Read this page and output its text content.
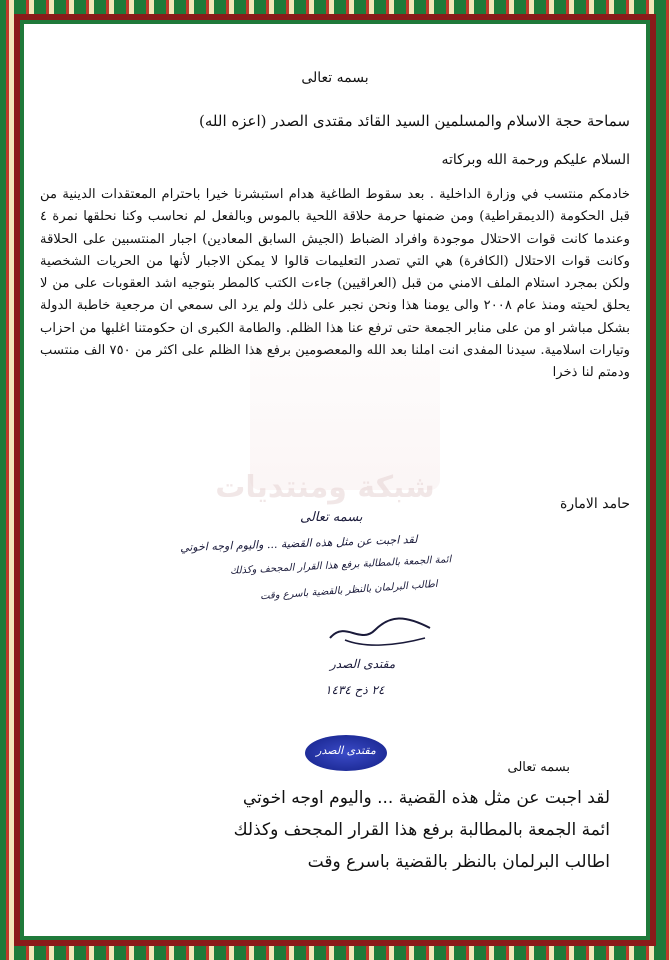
شبكة ومنتديات
بسمه تعالى
سماحة حجة الاسلام والمسلمين السيد القائد مقتدى الصدر (اعزه الله)
السلام عليكم ورحمة الله وبركاته
خادمكم منتسب في وزارة الداخلية . بعد سقوط الطاغية هدام استبشرنا خيرا باحترام المعتقدات الدينية من قبل الحكومة (الديمقراطية) ومن ضمنها حرمة حلاقة اللحية بالموس وبالفعل لم نحاسب وكنا نحلقها نمرة ٤ وعندما كانت قوات الاحتلال موجودة وافراد الضباط (الجيش السابق المعادين) اجبار المنتسبين على الحلاقة وكانت قوات الاحتلال (الكافرة) هي التي تصدر التعليمات قالوا لا يمكن الاجبار لأنها من الحريات الشخصية ولكن بمجرد استلام الملف الامني من قبل (العراقيين) جاءت الكتب كالمطر بتوجيه اشد العقوبات على من لا يحلق لحيته ومنذ عام ٢٠٠٨ والى يومنا هذا ونحن نجبر على ذلك ولم يرد الى سمعي ان مرجعية خاطبة الدولة بشكل مباشر او من على منابر الجمعة حتى ترفع عنا هذا الظلم. والطامة الكبرى ان حكومتنا اغلبها من احزاب وتيارات اسلامية. سيدنا المفدى انت املنا بعد الله والمعصومين برفع هذا الظلم على اكثر من ٧٥٠ الف منتسب ودمتم لنا ذخرا
حامد الامارة
بسمه تعالى
لقد اجبت عن مثل هذه القضية ... واليوم اوجه اخوتي
ائمة الجمعة بالمطالبة برفع هذا القرار المجحف وكذلك
اطالب البرلمان بالنظر بالقضية باسرع وقت
مقتدى الصدر
٢٤ ذح ١٤٣٤
مقتدى الصدر
بسمه تعالى
لقد اجبت عن مثل هذه القضية ... واليوم اوجه اخوتي
ائمة الجمعة بالمطالبة برفع هذا القرار المجحف وكذلك
اطالب البرلمان بالنظر بالقضية باسرع وقت
